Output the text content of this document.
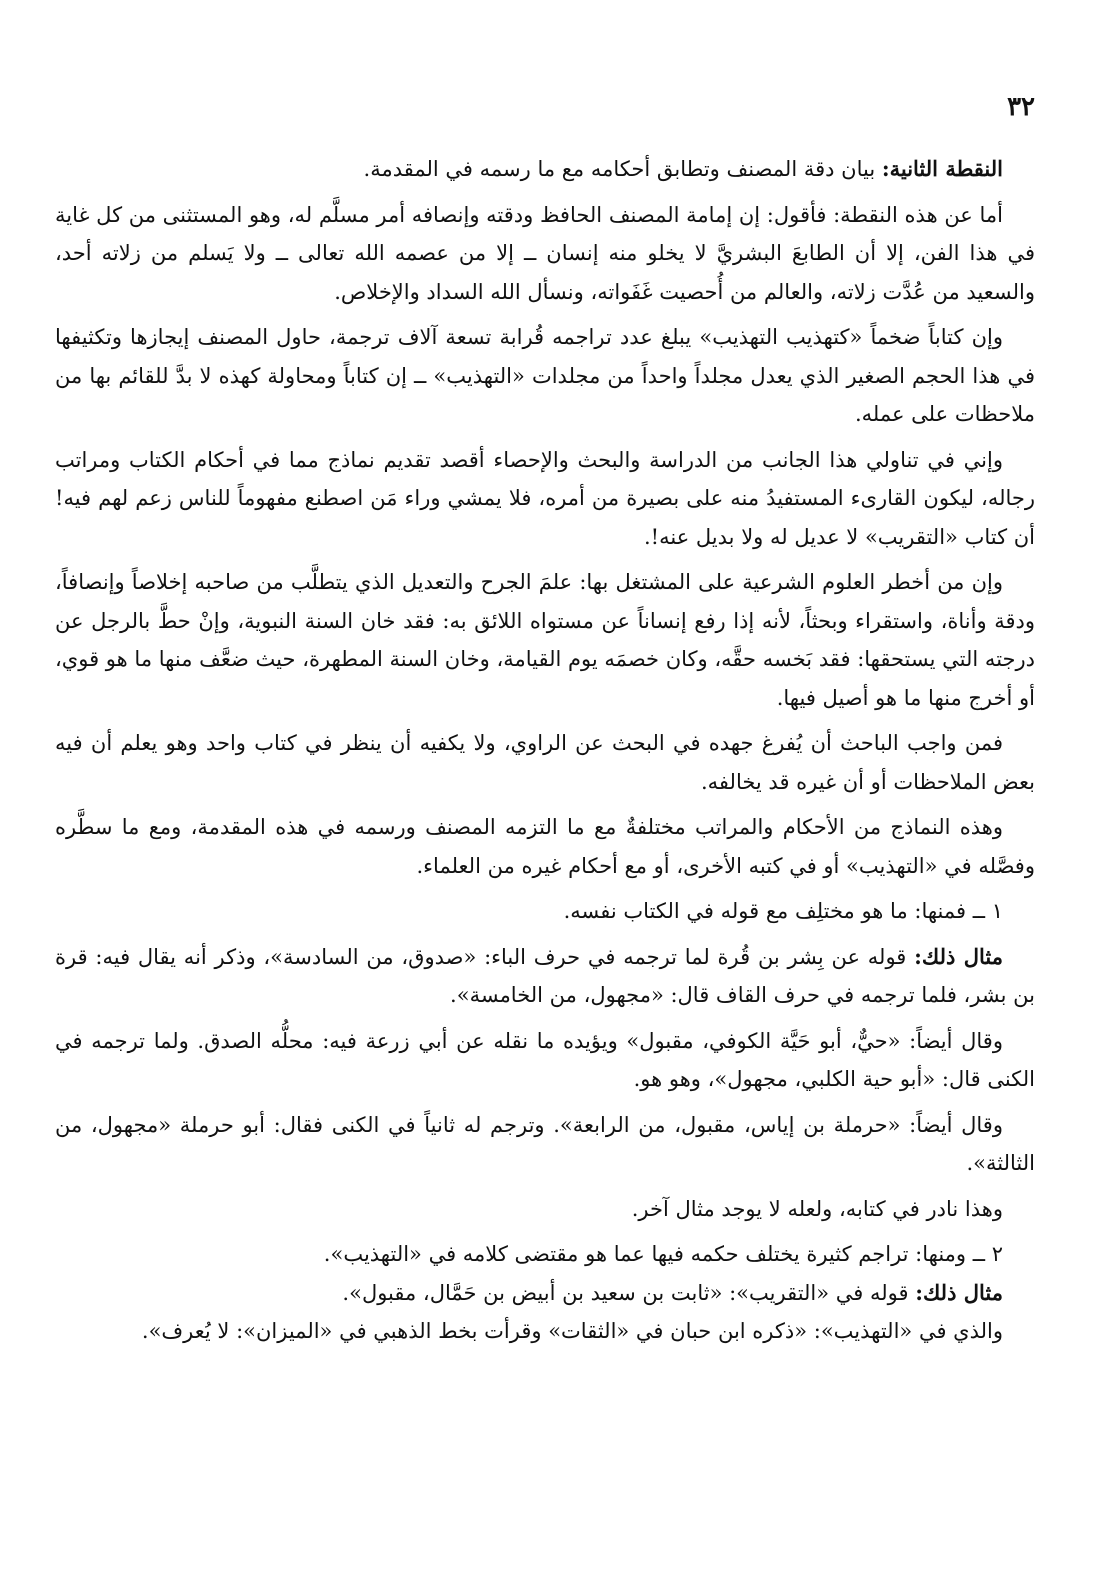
٣٢

النقطة الثانية: بيان دقة المصنف وتطابق أحكامه مع ما رسمه في المقدمة.

أما عن هذه النقطة: فأقول: إن إمامة المصنف الحافظ ودقته وإنصافه أمر مسلَّم له، وهو المستثنى من كل غاية في هذا الفن، إلا أن الطابعَ البشريَّ لا يخلو منه إنسان ــ إلا من عصمه الله تعالى ــ ولا يَسلم من زلاته أحد، والسعيد من عُدَّت زلاته، والعالم من أُحصيت غَفَواته، ونسأل الله السداد والإخلاص.

وإن كتاباً ضخماً «كتهذيب التهذيب» يبلغ عدد تراجمه قُرابة تسعة آلاف ترجمة، حاول المصنف إيجازها وتكثيفها في هذا الحجم الصغير الذي يعدل مجلداً واحداً من مجلدات «التهذيب» ــ إن كتاباً ومحاولة كهذه لا بدَّ للقائم بها من ملاحظات على عمله.

وإني في تناولي هذا الجانب من الدراسة والبحث والإحصاء أقصد تقديم نماذج مما في أحكام الكتاب ومراتب رجاله، ليكون القارىء المستفيدُ منه على بصيرة من أمره، فلا يمشي وراء مَن اصطنع مفهوماً للناس زعم لهم فيه! أن كتاب «التقريب» لا عديل له ولا بديل عنه!.

وإن من أخطر العلوم الشرعية على المشتغل بها: علمَ الجرح والتعديل الذي يتطلَّب من صاحبه إخلاصاً وإنصافاً، ودقة وأناة، واستقراء وبحثاً، لأنه إذا رفع إنساناً عن مستواه اللائق به: فقد خان السنة النبوية، وإنْ حطَّ بالرجل عن درجته التي يستحقها: فقد بَخسه حقَّه، وكان خصمَه يوم القيامة، وخان السنة المطهرة، حيث ضعَّف منها ما هو قوي، أو أخرج منها ما هو أصيل فيها.

فمن واجب الباحث أن يُفرغ جهده في البحث عن الراوي، ولا يكفيه أن ينظر في كتاب واحد وهو يعلم أن فيه بعض الملاحظات أو أن غيره قد يخالفه.

وهذه النماذج من الأحكام والمراتب مختلفةٌ مع ما التزمه المصنف ورسمه في هذه المقدمة، ومع ما سطَّره وفصَّله في «التهذيب» أو في كتبه الأخرى، أو مع أحكام غيره من العلماء.

١ ــ فمنها: ما هو مختلِف مع قوله في الكتاب نفسه.

مثال ذلك: قوله عن بِشر بن قُرة لما ترجمه في حرف الباء: «صدوق، من السادسة»، وذكر أنه يقال فيه: قرة بن بشر، فلما ترجمه في حرف القاف قال: «مجهول، من الخامسة».

وقال أيضاً: «حيٌّ، أبو حَيَّة الكوفي، مقبول» ويؤيده ما نقله عن أبي زرعة فيه: محلُّه الصدق. ولما ترجمه في الكنى قال: «أبو حية الكلبي، مجهول»، وهو هو.

وقال أيضاً: «حرملة بن إياس، مقبول، من الرابعة». وترجم له ثانياً في الكنى فقال: أبو حرملة «مجهول، من الثالثة».

وهذا نادر في كتابه، ولعله لا يوجد مثال آخر.

٢ ــ ومنها: تراجم كثيرة يختلف حكمه فيها عما هو مقتضى كلامه في «التهذيب».

مثال ذلك: قوله في «التقريب»: «ثابت بن سعيد بن أبيض بن حَمَّال، مقبول».

والذي في «التهذيب»: «ذكره ابن حبان في «الثقات» وقرأت بخط الذهبي في «الميزان»: لا يُعرف».
